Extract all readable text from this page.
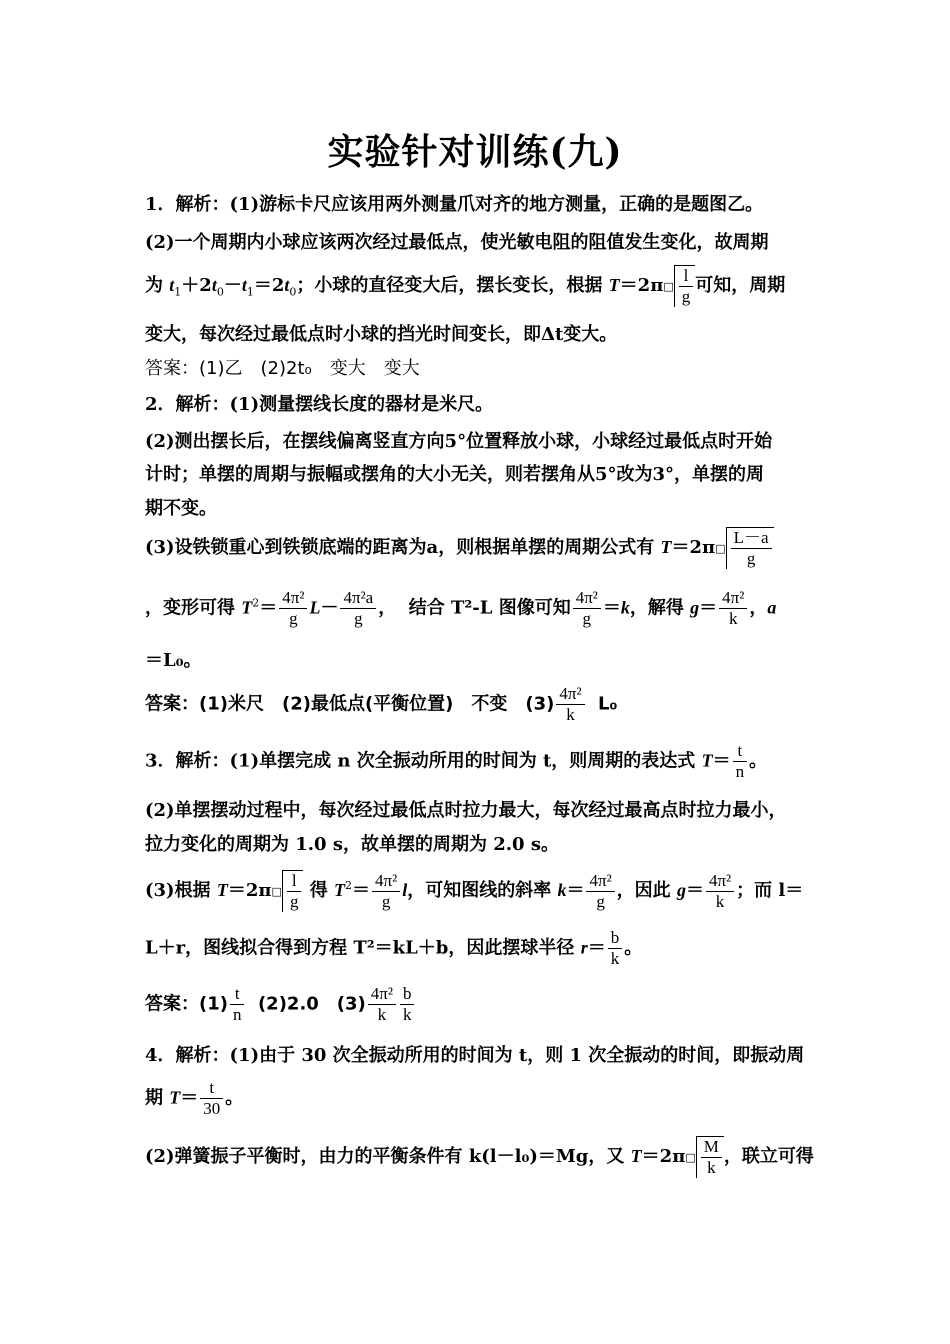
实验针对训练(九)
1．解析：(1)游标卡尺应该用两外测量爪对齐的地方测量，正确的是题图乙。
(2)一个周期内小球应该两次经过最低点，使光敏电阻的阻值发生变化，故周期
为 $t_1+2t_0-t_1=2t_0$；小球的直径变大后，摆长变长，根据 T＝2π□ $\frac{l}{g}$ 可知，周期
变大，每次经过最低点时小球的挡光时间变长，即Δt变大。
答案：(1)乙　(2)2t₀　变大　变大
2．解析：(1)测量摆线长度的器材是米尺。
(2)测出摆长后，在摆线偏离竖直方向5°位置释放小球，小球经过最低点时开始
计时；单摆的周期与振幅或摆角的大小无关，则若摆角从5°改为3°，单摆的周
期不变。
(3)设铁锁重心到铁锁底端的距离为a，则根据单摆的周期公式有 T＝2π□ $\frac{L-a}{g}$
，变形可得 $T^2= \frac{\text{4π²}}{g} L- \frac{\text{4π²a}}{g}$ ，  结合 T²-L 图像可知 $\frac{\text{4π²}}{g} =k$，解得 $g= \frac{\text{4π²}}{k}$ ，a
＝L₀。
答案：(1)米尺　(2)最低点(平衡位置)　不变　$(3) \frac{\text{4π²}}{k} L_0$
3．解析：(1)单摆完成 n 次全振动所用的时间为 t，则周期的表达式 $T= \frac{t}{n}$ 。
(2)单摆摆动过程中，每次经过最低点时拉力最大，每次经过最高点时拉力最小，
拉力变化的周期为 1.0 s，故单摆的周期为 2.0 s。
(3)根据 T＝2π□ $\frac{l}{g}$ 得 $T^2= \frac{\text{4π²}}{g}$ l，可知图线的斜率 $k= \frac{\text{4π²}}{g}$ ，因此 $g= \frac{\text{4π²}}{k}$ ；而 l＝
L＋r，图线拟合得到方程 T²＝kL＋b，因此摆球半径 $r= \frac{b}{k}$ 。
答案：$(1) \frac{t}{n} (2)2.0$　$(3) \frac{\text{4π²}}{k} \frac{b}{k}$
4．解析：(1)由于 30 次全振动所用的时间为 t，则 1 次全振动的时间，即振动周
期 $T= \frac{t}{30}$ 。
(2)弹簧振子平衡时，由力的平衡条件有 k(l－l₀)＝Mg，又 T＝2π□ $\frac{M}{k}$ ，联立可得
